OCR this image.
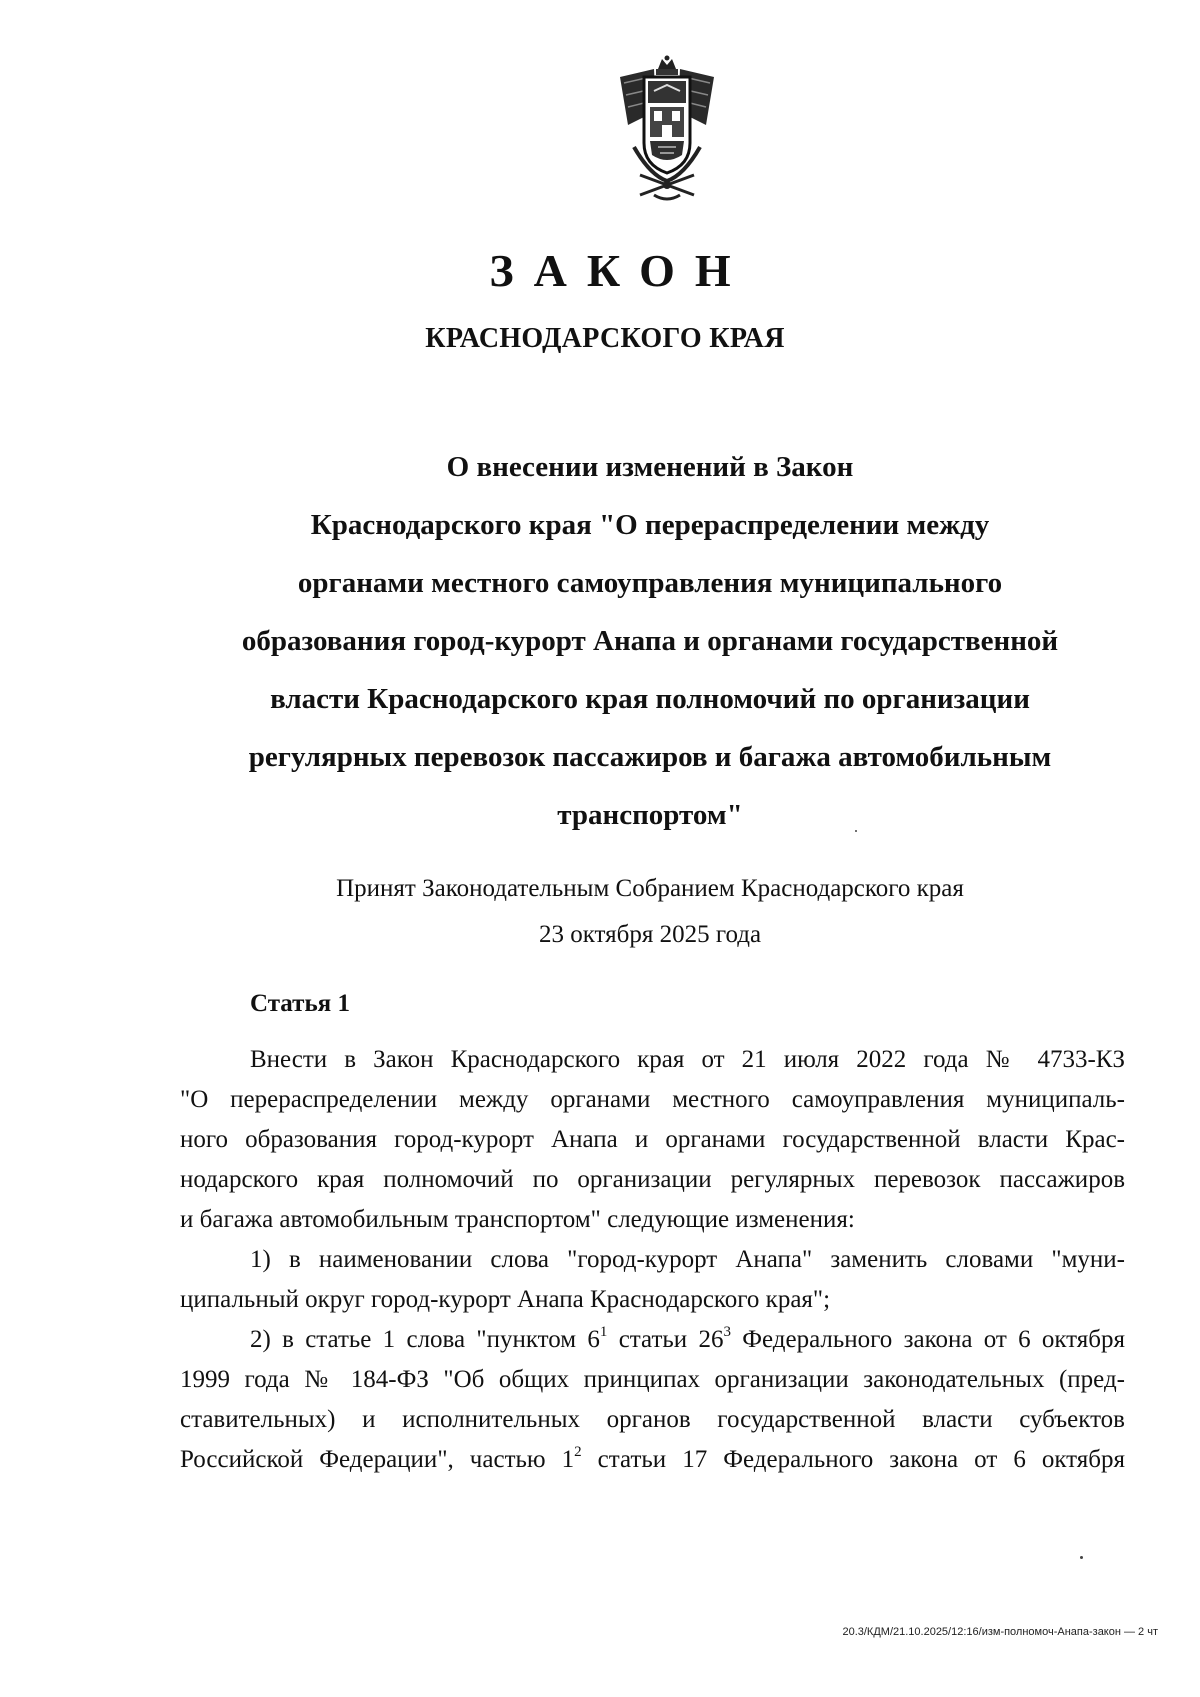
ЗАКОН
КРАСНОДАРСКОГО КРАЯ
О внесении изменений в Закон
Краснодарского края "О перераспределении между
органами местного самоуправления муниципального
образования город-курорт Анапа и органами государственной
власти Краснодарского края полномочий по организации
регулярных перевозок пассажиров и багажа автомобильным
транспортом"
Принят Законодательным Собранием Краснодарского края
23 октября 2025 года
Статья 1
Внести в Закон Краснодарского края от 21 июля 2022 года № 4733-КЗ
"О перераспределении между органами местного самоуправления муниципаль-
ного образования город-курорт Анапа и органами государственной власти Крас-
нодарского края полномочий по организации регулярных перевозок пассажиров
и багажа автомобильным транспортом" следующие изменения:
1) в наименовании слова "город-курорт Анапа" заменить словами "муни-
ципальный округ город-курорт Анапа Краснодарского края";
2) в статье 1 слова "пунктом $6^1$ статьи $26^3$ Федерального закона от 6 октября
1999 года № 184-ФЗ "Об общих принципах организации законодательных (пред-
ставительных) и исполнительных органов государственной власти субъектов
Российской Федерации", частью $1^2$ статьи 17 Федерального закона от 6 октября
20.3/КДМ/21.10.2025/12:16/изм-полномоч-Анапа-закон — 2 чт
